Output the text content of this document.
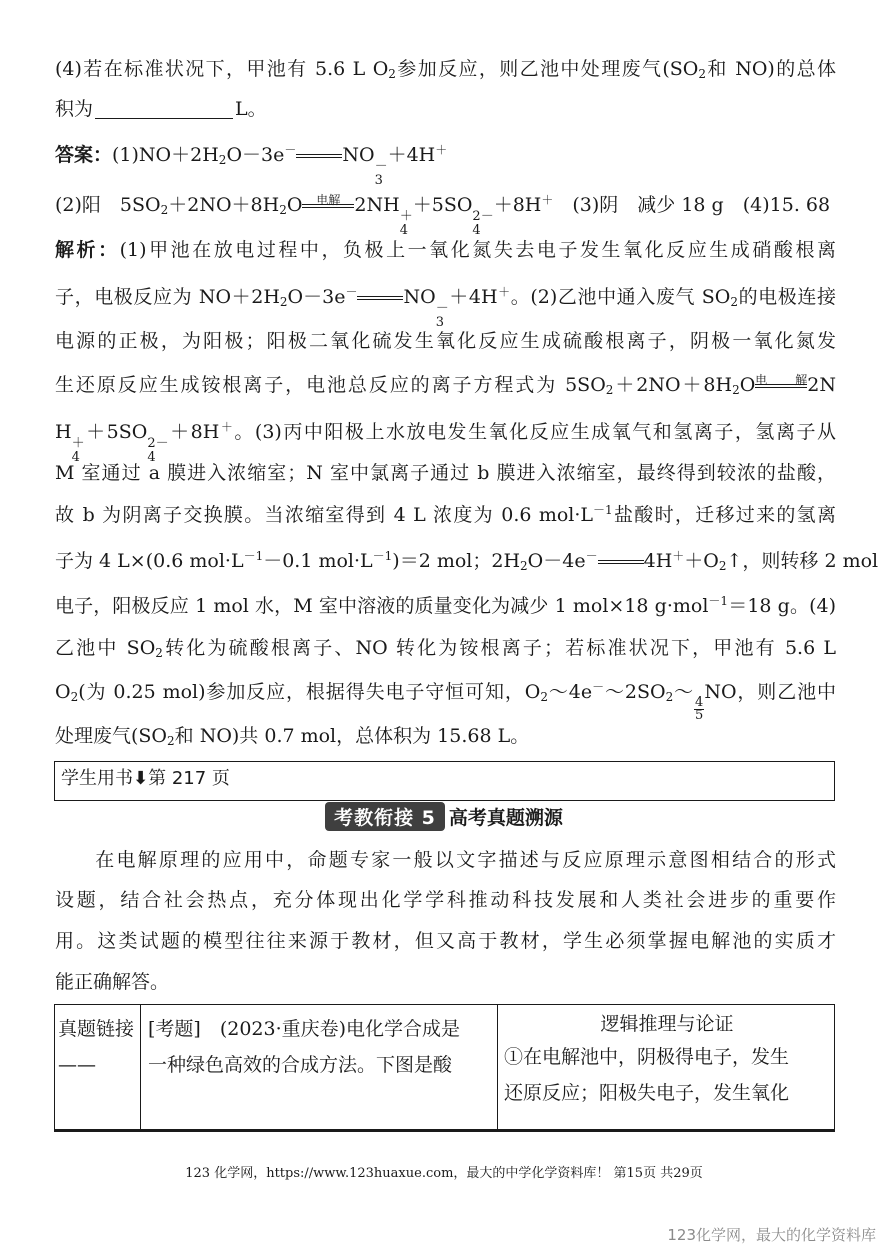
(4)若在标准状况下，甲池有 5.6 L $O_2$参加反应，则乙池中处理废气($SO_2$和 NO)的总体
积为	L。
答案：$(1)NO+2H_2O-3e^-$ NO
－
3
＋4H＋
(2)阳　$5SO_2+2NO+8H_2O$	电解 2NH
＋
4
＋5SO
2－
4
＋8H＋　(3)阴　减少 18 g　(4)15. 68
解析：(1)甲池在放电过程中，负极上一氧化氮失去电子发生氧化反应生成硝酸根离
子，电极反应为 $NO+2H_2O-3e^-$ NO
－
3
＋4H＋。(2)乙池中通入废气 $SO_2$的电极连接
电源的正极，为阳极；阳极二氧化硫发生氧化反应生成硫酸根离子，阴极一氧化氮发
生还原反应生成铵根离子，电池总反应的离子方程式为 $5SO_2+2NO+8H_2O$ 电解 2N
H
＋
4
＋5SO
2－
4
＋8H＋。(3)丙中阳极上水放电发生氧化反应生成氧气和氢离子，氢离子从
M 室通过 a 膜进入浓缩室；N 室中氯离子通过 b 膜进入浓缩室，最终得到较浓的盐酸，
故 b 为阴离子交换膜。当浓缩室得到 4 L 浓度为 0.6 $mol\cdot L^{-1}$盐酸时，迁移过来的氢离
子为 4 L×(0.6 $mol\cdot L^{-1}-0.1$ $mol\cdot L^{-1})=2$ mol；$2H_2O-4e^-$ $4H^++O_2↑$，则转移 2 mol
电子，阳极反应 1 mol 水，M 室中溶液的质量变化为减少 1 mol×18 g·mol$^{-1}$＝18 g。(4)
乙池中 $SO_2$转化为硫酸根离子、NO 转化为铵根离子；若标准状况下，甲池有 5.6 L
$O_2$(为 0.25 mol)参加反应，根据得失电子守恒可知，$O_2\sim 4e^-\sim 2SO_2\sim$
$\frac{4}{5}$
NO，则乙池中
处理废气($SO_2$和 NO)共 0.7 mol，总体积为 15.68 L。
学生用书⬇第 217 页
考教衔接 5 高考真题溯源
在电解原理的应用中，命题专家一般以文字描述与反应原理示意图相结合的形式
设题，结合社会热点，充分体现出化学学科推动科技发展和人类社会进步的重要作
用。这类试题的模型往往来源于教材，但又高于教材，学生必须掌握电解池的实质才
能正确解答。
真题链接
——
[考题]　(2023·重庆卷)电化学合成是
一种绿色高效的合成方法。下图是酸
逻辑推理与论证
①在电解池中，阴极得电子，发生
还原反应；阳极失电子，发生氧化
123 化学网，https://www.123huaxue.com，最大的中学化学资料库！ 第15页 共29页
123化学网，最大的化学资料库
